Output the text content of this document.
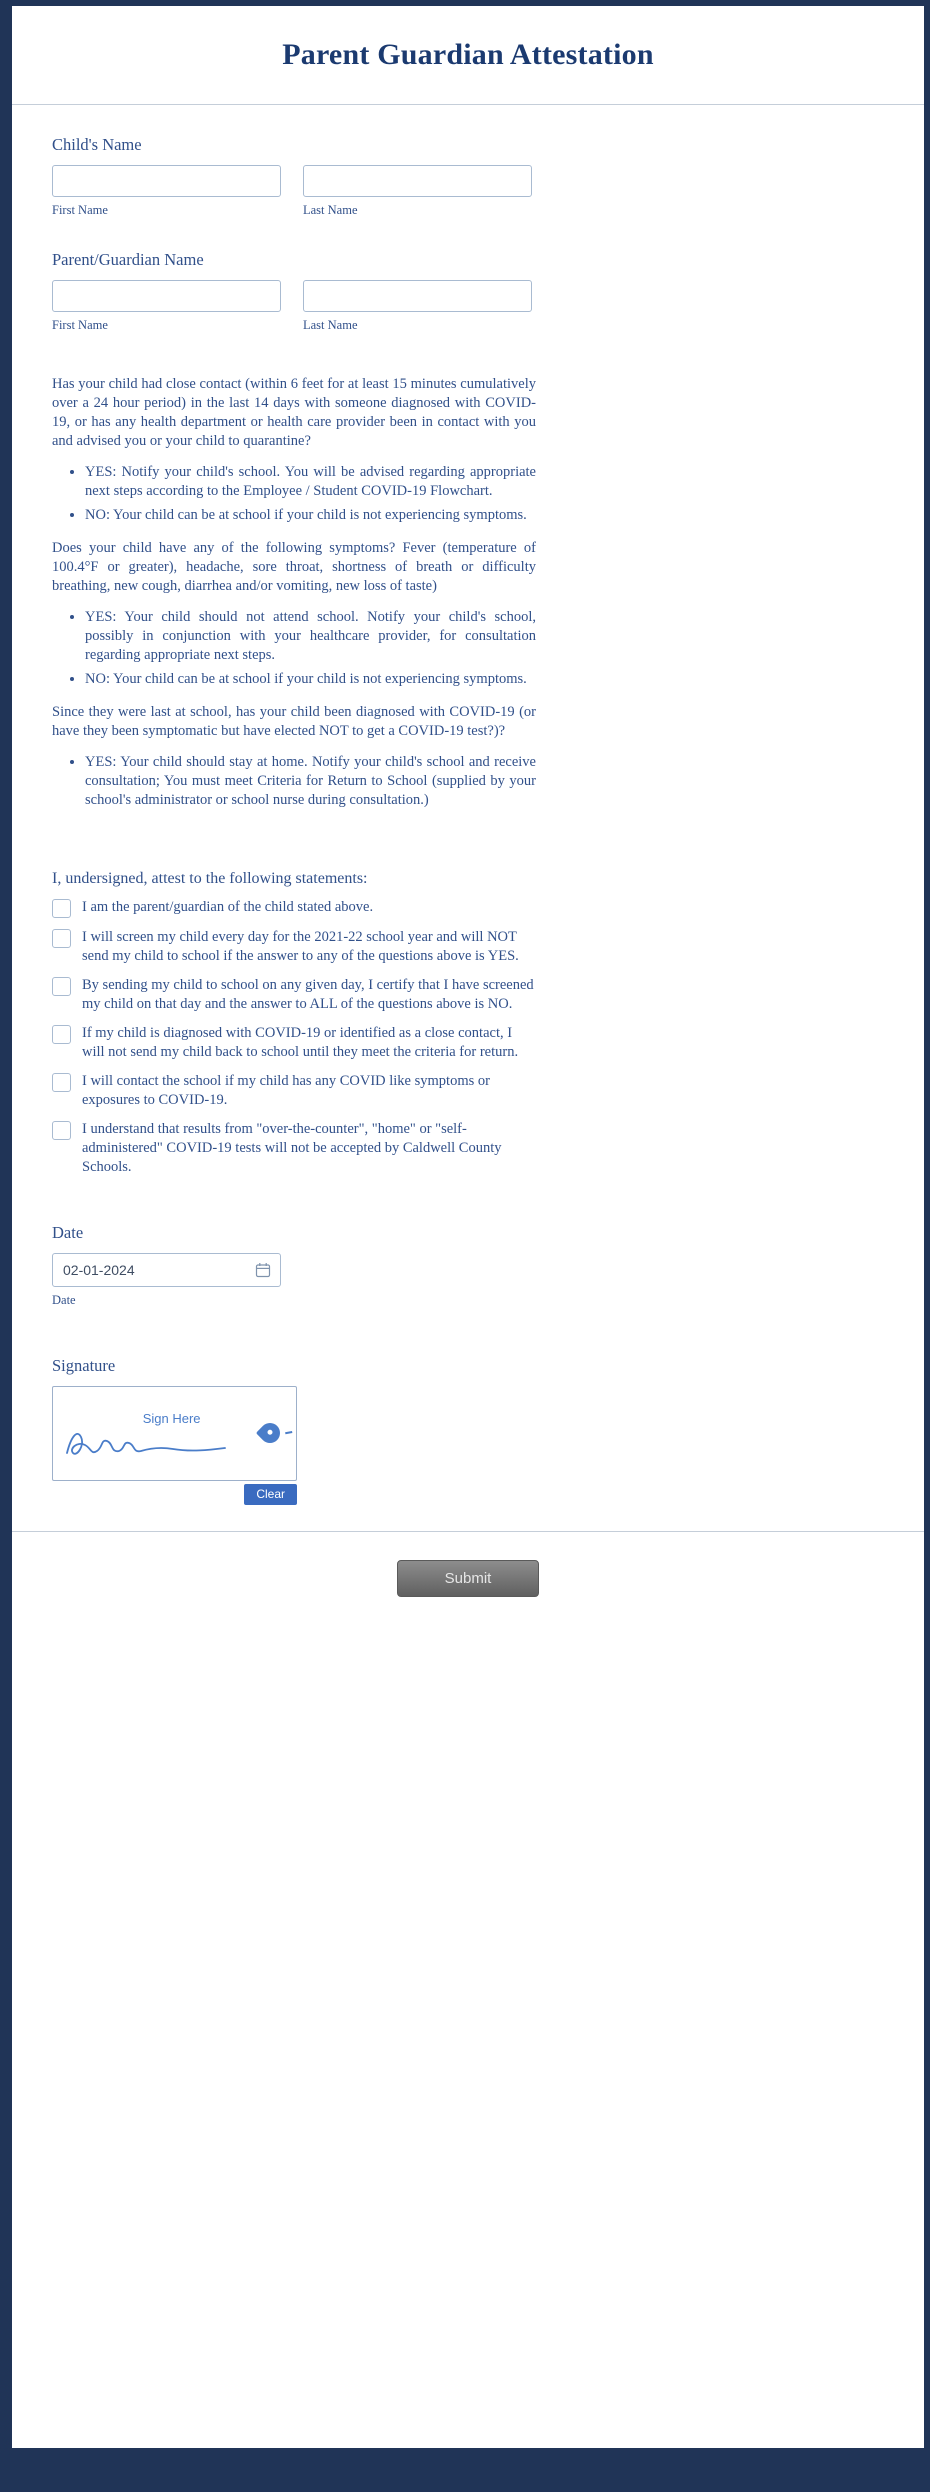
Parent Guardian Attestation
Child's Name
First Name	Last Name
Parent/Guardian Name
First Name	Last Name

Has your child had close contact (within 6 feet for at least 15 minutes cumulatively over a 24 hour period) in the last 14 days with someone diagnosed with COVID-19, or has any health department or health care provider been in contact with you and advised you or your child to quarantine?

• YES: Notify your child's school. You will be advised regarding appropriate next steps according to the Employee / Student COVID-19 Flowchart.
• NO: Your child can be at school if your child is not experiencing symptoms.

Does your child have any of the following symptoms? Fever (temperature of 100.4°F or greater), headache, sore throat, shortness of breath or difficulty breathing, new cough, diarrhea and/or vomiting, new loss of taste)

• YES: Your child should not attend school. Notify your child's school, possibly in conjunction with your healthcare provider, for consultation regarding appropriate next steps.
• NO: Your child can be at school if your child is not experiencing symptoms.

Since they were last at school, has your child been diagnosed with COVID-19 (or have they been symptomatic but have elected NOT to get a COVID-19 test?)?

• YES: Your child should stay at home. Notify your child's school and receive consultation; You must meet Criteria for Return to School (supplied by your school's administrator or school nurse during consultation.)
I, undersigned, attest to the following statements:
I am the parent/guardian of the child stated above.
I will screen my child every day for the 2021-22 school year and will NOT send my child to school if the answer to any of the questions above is YES.
By sending my child to school on any given day, I certify that I have screened my child on that day and the answer to ALL of the questions above is NO.
If my child is diagnosed with COVID-19 or identified as a close contact, I will not send my child back to school until they meet the criteria for return.
I will contact the school if my child has any COVID like symptoms or exposures to COVID-19.
I understand that results from "over-the-counter", "home" or "self-administered" COVID-19 tests will not be accepted by Caldwell County Schools.
Date
02-01-2024
Date
Signature
Sign Here
Clear
Submit
